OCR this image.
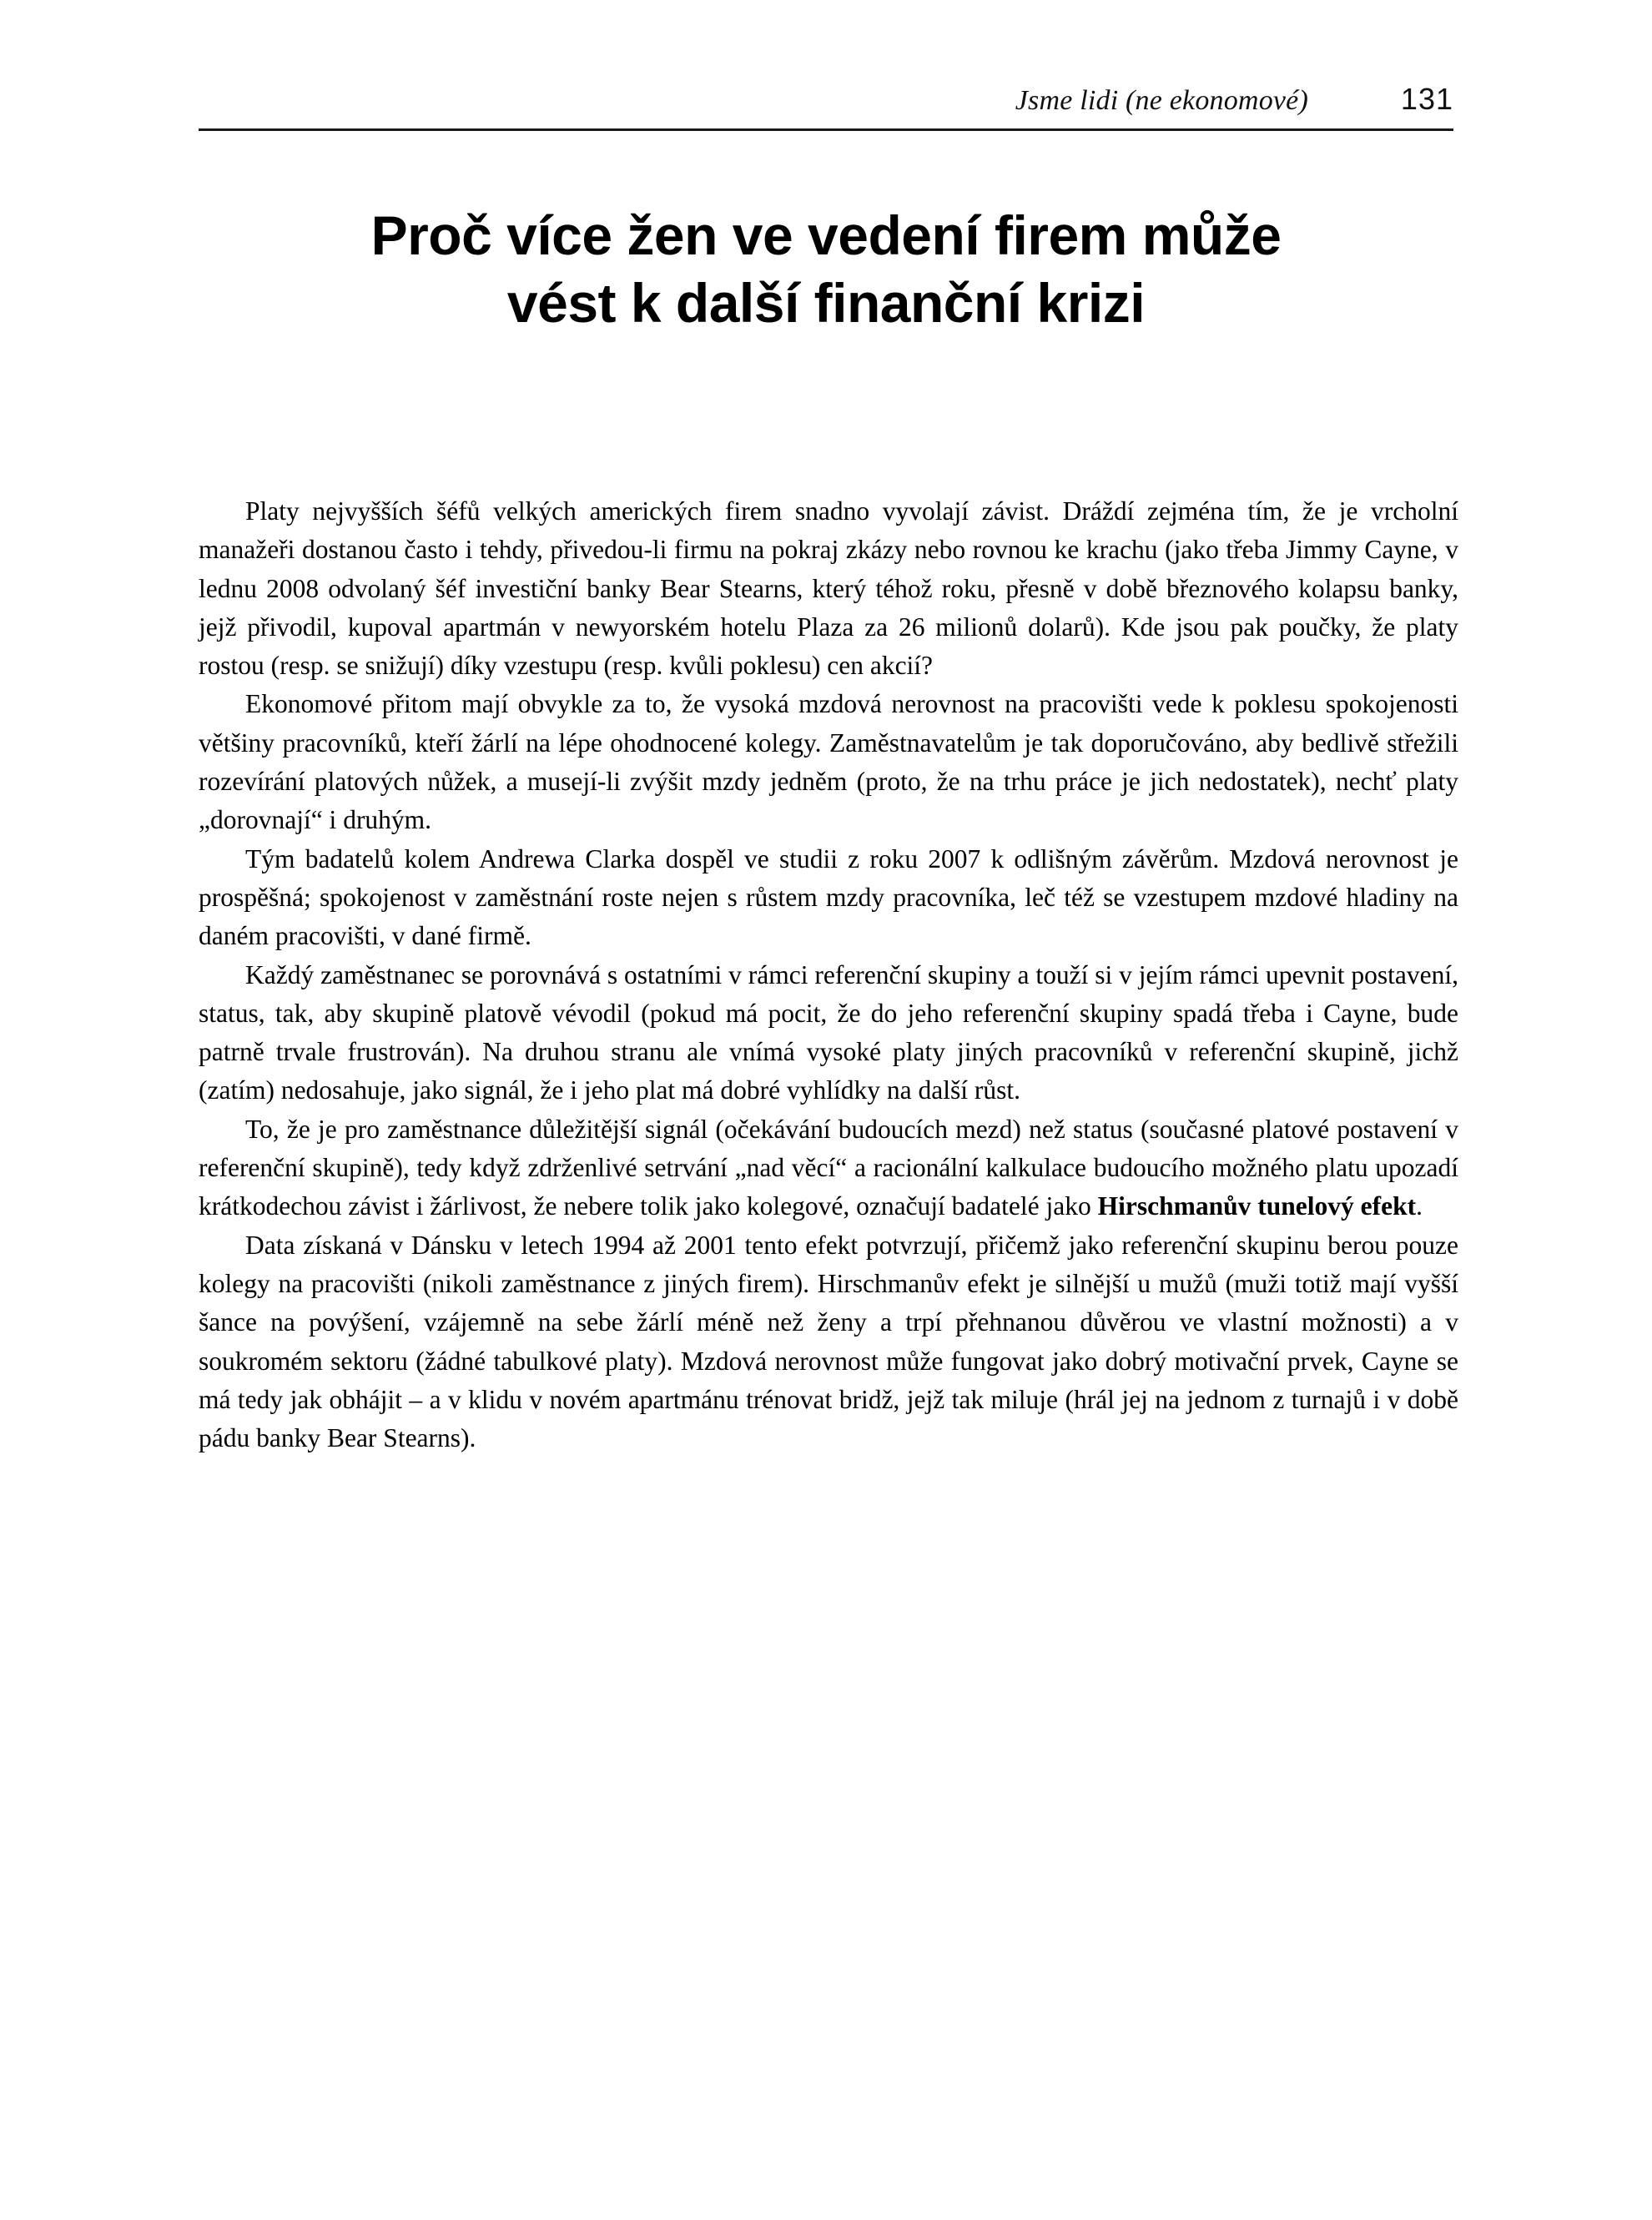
Jsme lidi (ne ekonomové)	131
Proč více žen ve vedení firem může
vést k další finanční krizi

Platy nejvyšších šéfů velkých amerických firem snadno vyvolají závist. Dráždí zejména tím, že je vrcholní manažeři dostanou často i tehdy, přivedou-li firmu na pokraj zkázy nebo rovnou ke krachu (jako třeba Jimmy Cayne, v lednu 2008 odvolaný šéf investiční banky Bear Stearns, který téhož roku, přesně v době březnového kolapsu banky, jejž přivodil, kupoval apartmán v newyorském hotelu Plaza za 26 milionů dolarů). Kde jsou pak poučky, že platy rostou (resp. se snižují) díky vzestupu (resp. kvůli poklesu) cen akcií?

Ekonomové přitom mají obvykle za to, že vysoká mzdová nerovnost na pracovišti vede k poklesu spokojenosti většiny pracovníků, kteří žárlí na lépe ohodnocené kolegy. Zaměstnavatelům je tak doporučováno, aby bedlivě střežili rozevírání platových nůžek, a musejí-li zvýšit mzdy jedněm (proto, že na trhu práce je jich nedostatek), nechť platy „dorovnají“ i druhým.

Tým badatelů kolem Andrewa Clarka dospěl ve studii z roku 2007 k odlišným závěrům. Mzdová nerovnost je prospěšná; spokojenost v zaměstnání roste nejen s růstem mzdy pracovníka, leč též se vzestupem mzdové hladiny na daném pracovišti, v dané firmě.

Každý zaměstnanec se porovnává s ostatními v rámci referenční skupiny a touží si v jejím rámci upevnit postavení, status, tak, aby skupině platově vévodil (pokud má pocit, že do jeho referenční skupiny spadá třeba i Cayne, bude patrně trvale frustrován). Na druhou stranu ale vnímá vysoké platy jiných pracovníků v referenční skupině, jichž (zatím) nedosahuje, jako signál, že i jeho plat má dobré vyhlídky na další růst.

To, že je pro zaměstnance důležitější signál (očekávání budoucích mezd) než status (současné platové postavení v referenční skupině), tedy když zdrženlivé setrvání „nad věcí“ a racionální kalkulace budoucího možného platu upozadí krátkodechou závist i žárlivost, že nebere tolik jako kolegové, označují badatelé jako Hirschmanův tunelový efekt.

Data získaná v Dánsku v letech 1994 až 2001 tento efekt potvrzují, přičemž jako referenční skupinu berou pouze kolegy na pracovišti (nikoli zaměstnance z jiných firem). Hirschmanův efekt je silnější u mužů (muži totiž mají vyšší šance na povýšení, vzájemně na sebe žárlí méně než ženy a trpí přehnanou důvěrou ve vlastní možnosti) a v soukromém sektoru (žádné tabulkové platy). Mzdová nerovnost může fungovat jako dobrý motivační prvek, Cayne se má tedy jak obhájit – a v klidu v novém apartmánu trénovat bridž, jejž tak miluje (hrál jej na jednom z turnajů i v době pádu banky Bear Stearns).
